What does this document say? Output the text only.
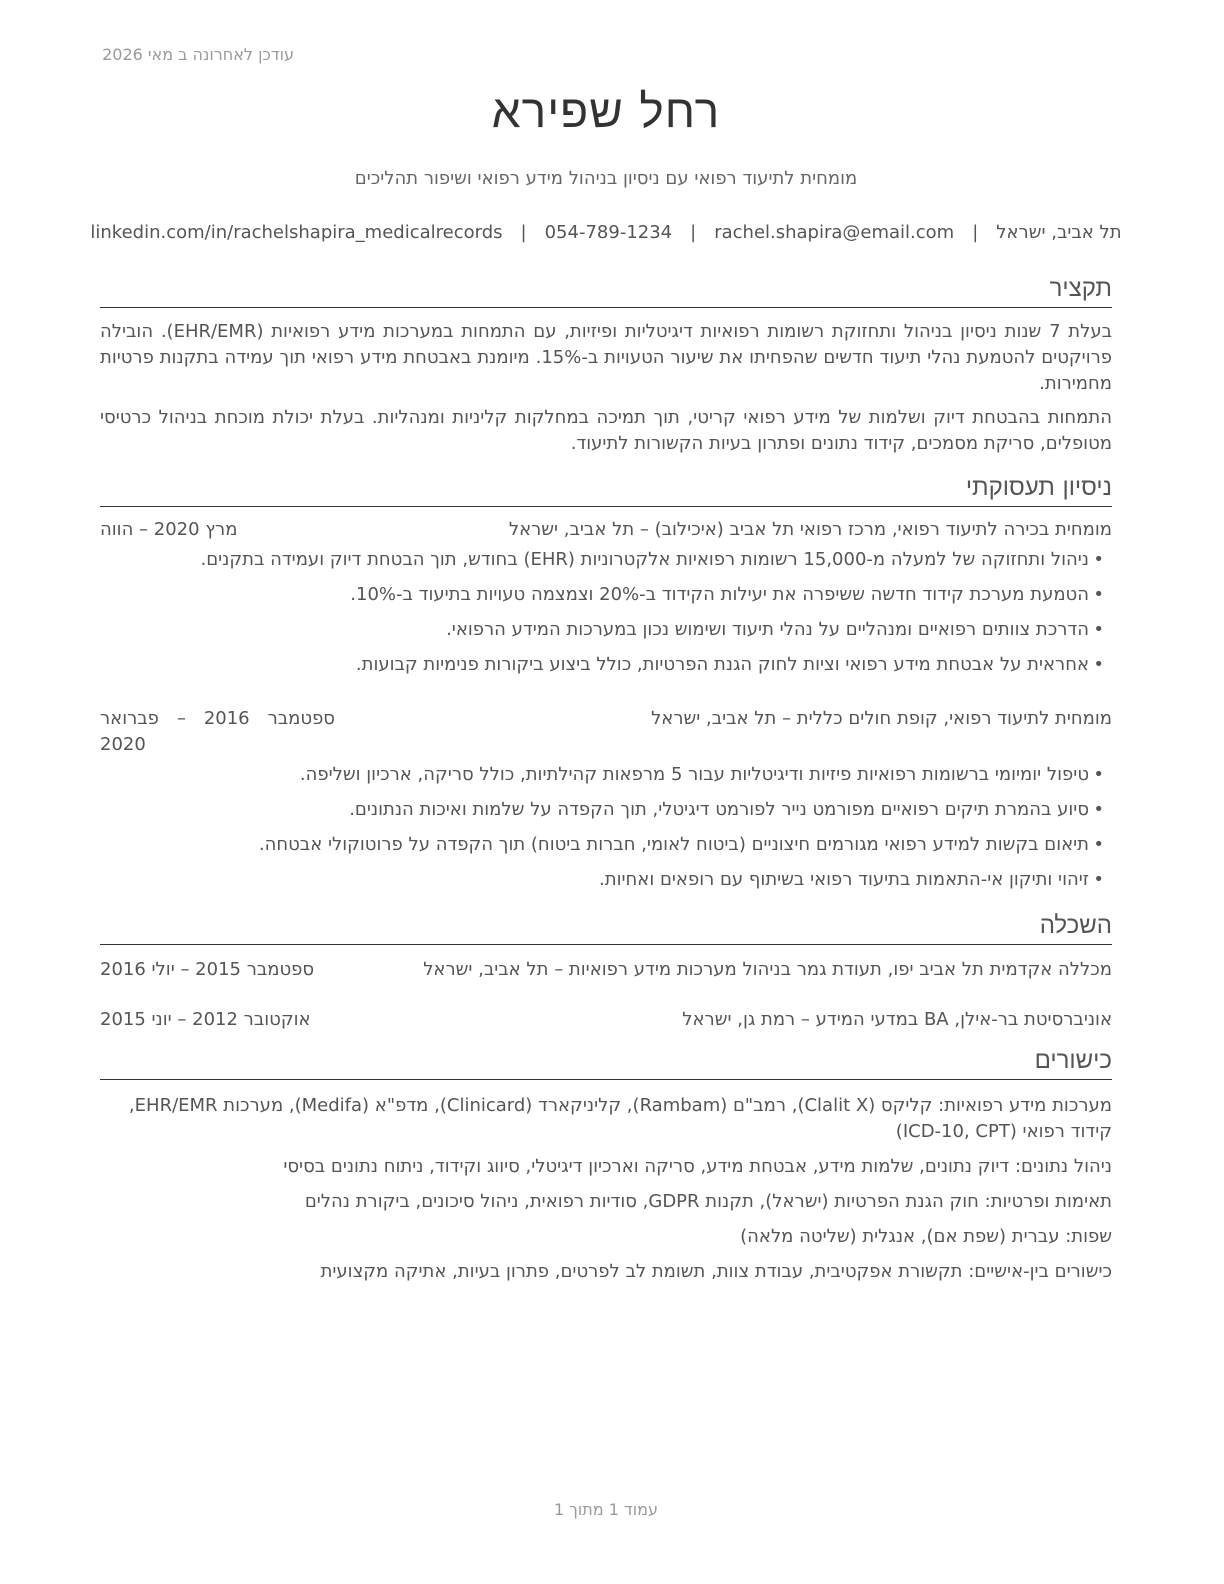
עודכן לאחרונה ב מאי 2026
רחל שפירא
מומחית לתיעוד רפואי עם ניסיון בניהול מידע רפואי ושיפור תהליכים
תל אביב, ישראל
|
rachel.shapira@email.com
|
054-789-1234
|
linkedin.com/in/rachelshapira_medicalrecords
תקציר

בעלת 7 שנות ניסיון בניהול ותחזוקת רשומות רפואיות דיגיטליות ופיזיות, עם התמחות במערכות מידע רפואיות (EHR/EMR). הובילה פרויקטים להטמעת נהלי תיעוד חדשים שהפחיתו את שיעור הטעויות ב-15%. מיומנת באבטחת מידע רפואי תוך עמידה בתקנות פרטיות מחמירות.

התמחות בהבטחת דיוק ושלמות של מידע רפואי קריטי, תוך תמיכה במחלקות קליניות ומנהליות. בעלת יכולת מוכחת בניהול כרטיסי מטופלים, סריקת מסמכים, קידוד נתונים ופתרון בעיות הקשורות לתיעוד.

ניסיון תעסוקתי
מומחית בכירה לתיעוד רפואי, מרכז רפואי תל אביב (איכילוב) – תל אביב, ישראל
מרץ 2020 – הווה
• ניהול ותחזוקה של למעלה מ-15,000 רשומות רפואיות אלקטרוניות (EHR) בחודש, תוך הבטחת דיוק ועמידה בתקנים.
• הטמעת מערכת קידוד חדשה ששיפרה את יעילות הקידוד ב-20% וצמצמה טעויות בתיעוד ב-10%.
• הדרכת צוותים רפואיים ומנהליים על נהלי תיעוד ושימוש נכון במערכות המידע הרפואי.
• אחראית על אבטחת מידע רפואי וציות לחוק הגנת הפרטיות, כולל ביצוע ביקורות פנימיות קבועות.
מומחית לתיעוד רפואי, קופת חולים כללית – תל אביב, ישראל
ספטמבר 2016 – פברואר 2020
• טיפול יומיומי ברשומות רפואיות פיזיות ודיגיטליות עבור 5 מרפאות קהילתיות, כולל סריקה, ארכיון ושליפה.
• סיוע בהמרת תיקים רפואיים מפורמט נייר לפורמט דיגיטלי, תוך הקפדה על שלמות ואיכות הנתונים.
• תיאום בקשות למידע רפואי מגורמים חיצוניים (ביטוח לאומי, חברות ביטוח) תוך הקפדה על פרוטוקולי אבטחה.
• זיהוי ותיקון אי-התאמות בתיעוד רפואי בשיתוף עם רופאים ואחיות.
השכלה
מכללה אקדמית תל אביב יפו, תעודת גמר בניהול מערכות מידע רפואיות – תל אביב, ישראל
ספטמבר 2015 – יולי 2016
אוניברסיטת בר-אילן, BA במדעי המידע – רמת גן, ישראל
אוקטובר 2012 – יוני 2015
כישורים
מערכות מידע רפואיות: קליקס (Clalit X), רמב"ם (Rambam), קליניקארד (Clinicard), מדפ"א (Medifa), מערכות EHR/EMR, קידוד רפואי (ICD-10, CPT)
ניהול נתונים: דיוק נתונים, שלמות מידע, אבטחת מידע, סריקה וארכיון דיגיטלי, סיווג וקידוד, ניתוח נתונים בסיסי
תאימות ופרטיות: חוק הגנת הפרטיות (ישראל), תקנות GDPR, סודיות רפואית, ניהול סיכונים, ביקורת נהלים
שפות: עברית (שפת אם), אנגלית (שליטה מלאה)
כישורים בין-אישיים: תקשורת אפקטיבית, עבודת צוות, תשומת לב לפרטים, פתרון בעיות, אתיקה מקצועית
עמוד 1 מתוך 1
